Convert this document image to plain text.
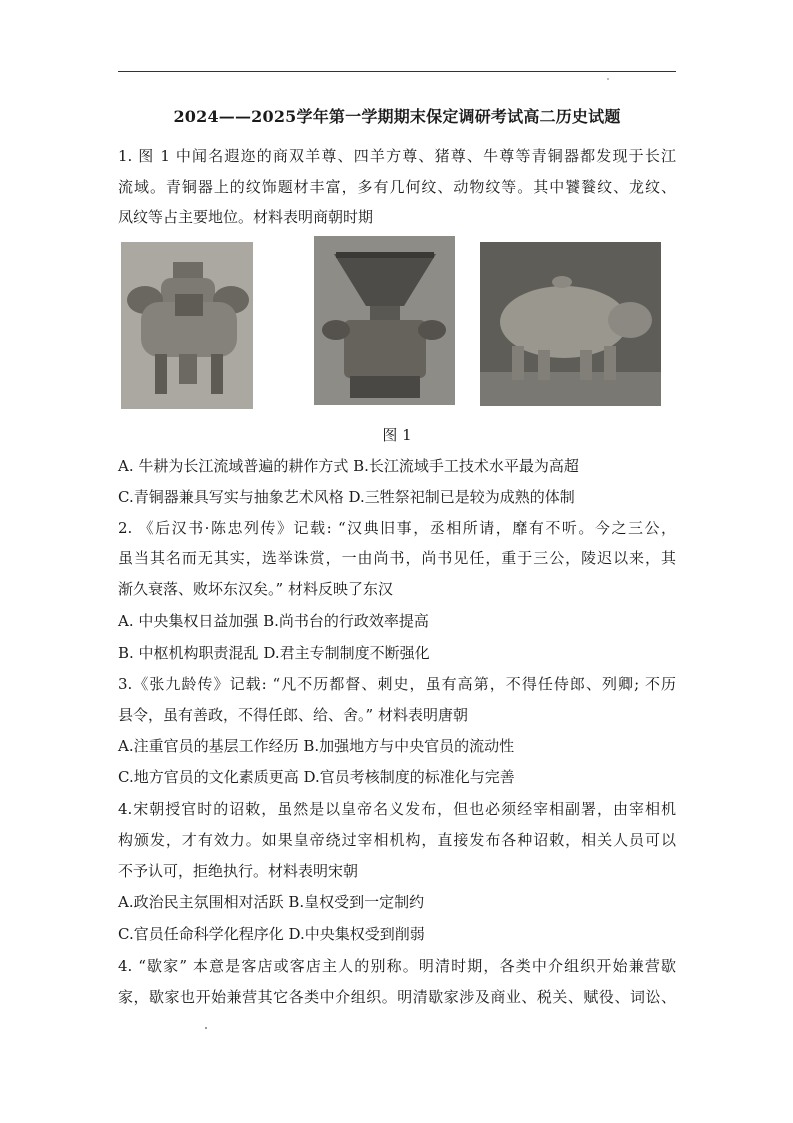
2024——2025学年第一学期期末保定调研考试高二历史试题
1. 图 1 中闻名遐迩的商双羊尊、四羊方尊、猪尊、牛尊等青铜器都发现于长江
流域。青铜器上的纹饰题材丰富，多有几何纹、动物纹等。其中饕餮纹、龙纹、
凤纹等占主要地位。材料表明商朝时期
图 1
A. 牛耕为长江流域普遍的耕作方式 B.长江流域手工技术水平最为高超
C.青铜器兼具写实与抽象艺术风格 D.三牲祭祀制已是较为成熟的体制
2. 《后汉书·陈忠列传》记载: “汉典旧事，丞相所请，靡有不听。今之三公，
虽当其名而无其实，选举诛赏，一由尚书，尚书见任，重于三公，陵迟以来，其
渐久衰落、败坏东汉矣。” 材料反映了东汉
A. 中央集权日益加强 B.尚书台的行政效率提高
B. 中枢机构职责混乱 D.君主专制制度不断强化
3.《张九龄传》记载: “凡不历都督、刺史，虽有高第，不得任侍郎、列卿; 不历
县令，虽有善政，不得任郎、给、舍。” 材料表明唐朝
A.注重官员的基层工作经历 B.加强地方与中央官员的流动性
C.地方官员的文化素质更高 D.官员考核制度的标准化与完善
4.宋朝授官时的诏敕，虽然是以皇帝名义发布，但也必须经宰相副署，由宰相机
构颁发，才有效力。如果皇帝绕过宰相机构，直接发布各种诏敕，相关人员可以
不予认可，拒绝执行。材料表明宋朝
A.政治民主氛围相对活跃 B.皇权受到一定制约
C.官员任命科学化程序化 D.中央集权受到削弱
4. “歇家” 本意是客店或客店主人的别称。明清时期，各类中介组织开始兼营歇
家，歇家也开始兼营其它各类中介组织。明清歇家涉及商业、税关、赋役、词讼、
